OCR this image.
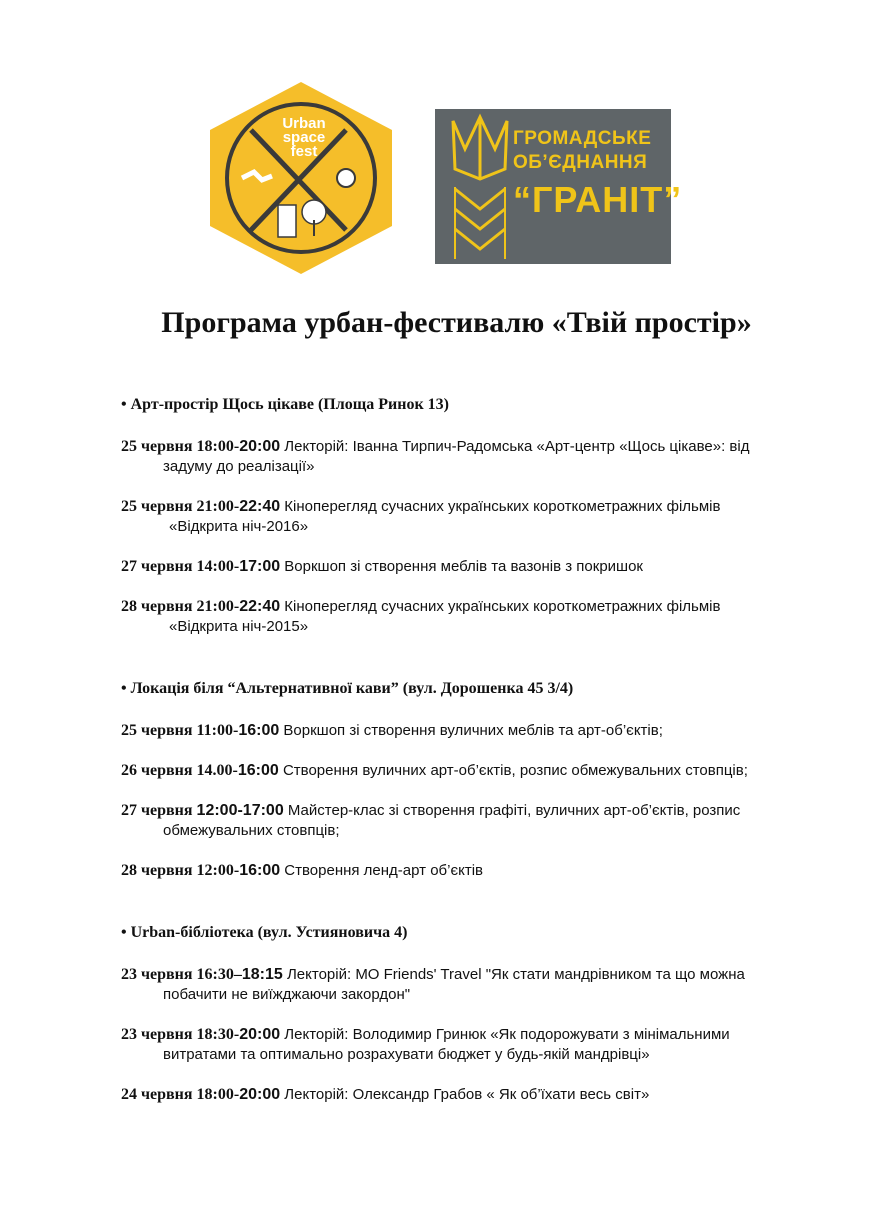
Urban
space
fest
ГРОМАДСЬКЕ
ОБ’ЄДНАННЯ
“ГРАНІТ”
Програма урбан-фестивалю «Твій простір»
• Арт-простір Щось цікаве (Площа Ринок 13)
25 червня 18:00-20:00 Лекторій: Іванна Тирпич-Радомська «Арт-центр «Щось цікаве»: від
задуму до реалізації»
25 червня 21:00-22:40 Кіноперегляд сучасних українських короткометражних фільмів
«Відкрита ніч-2016»
27 червня 14:00-17:00 Воркшоп зі створення меблів та вазонів з покришок
28 червня 21:00-22:40 Кіноперегляд сучасних українських короткометражних фільмів
«Відкрита ніч-2015»
• Локація біля “Альтернативної кави” (вул. Дорошенка 45 3/4)
25 червня 11:00-16:00 Воркшоп зі створення вуличних меблів та арт-об’єктів;
26 червня 14.00-16:00 Створення вуличних арт-об’єктів, розпис обмежувальних стовпців;
27 червня 12:00-17:00 Майстер-клас зі створення графіті, вуличних арт-об’єктів, розпис
обмежувальних стовпців;
28 червня 12:00-16:00 Створення ленд-арт об’єктів
• Urban-бібліотека (вул. Устияновича 4)
23 червня 16:30–18:15 Лекторій: МО Friends' Travel "Як стати мандрівником та що можна
побачити не виїжджаючи закордон"
23 червня 18:30-20:00 Лекторій: Володимир Гринюк «Як подорожувати з мінімальними
витратами та оптимально розрахувати бюджет у будь-якій мандрівці»
24 червня 18:00-20:00 Лекторій: Олександр Грабов « Як об’їхати весь світ»
